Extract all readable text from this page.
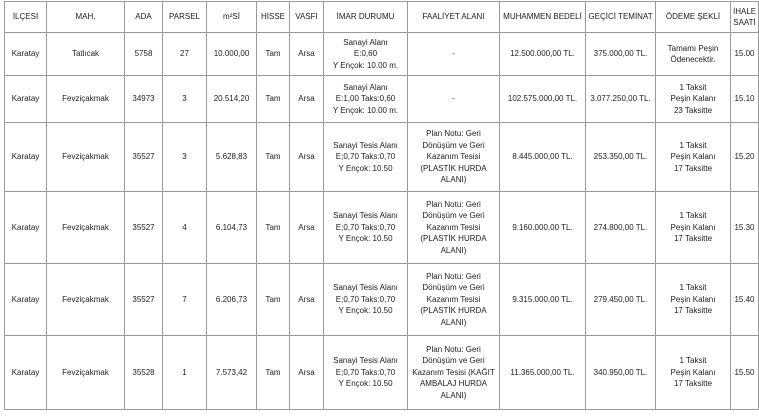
İLÇESİ	MAH.	ADA	PARSEL	m²Sİ	HİSSE	VASFI	İMAR DURUMU	FAALİYET ALANI	MUHAMMEN BEDELİ	GEÇİCİ TEMİNAT	ÖDEME ŞEKLİ	İHALE
SAATİ
Karatay	Tatlıcak	5758	27	10.000,00	Tam	Arsa	Sanayi Alanı
E:0,60
Y Ençok: 10.00 m.	-	12.500.000,00 TL.	375.000,00 TL.	Tamamı Peşin
Ödenecektir.	15.00
Karatay	Fevziçakmak	34973	3	20.514,20	Tam	Arsa	Sanayi Alanı
E:1,00 Taks:0,60
Y Ençok: 10.00 m.	-	102.575.000,00 TL.	3.077.250,00 TL.	1 Taksit
Peşin Kalanı
23 Taksitte	15.10
Karatay	Fevziçakmak	35527	3	5.628,83	Tam	Arsa	Sanayi Tesis Alanı
E;0,70 Taks:0,70
Y Ençok: 10.50	Plan Notu: Geri
Dönüşüm ve Geri
Kazanım Tesisi
(PLASTİK HURDA
ALANI)	8.445.000,00 TL.	253.350,00 TL.	1 Taksit
Peşin Kalanı
17 Taksitte	15.20
Karatay	Fevziçakmak	35527	4	6.104,73	Tam	Arsa	Sanayi Tesis Alanı
E;0,70 Taks:0,70
Y Ençok: 10.50	Plan Notu: Geri
Dönüşüm ve Geri
Kazanım Tesisi
(PLASTİK HURDA
ALANI)	9.160.000,00 TL.	274.800,00 TL.	1 Taksit
Peşin Kalanı
17 Taksitte	15.30
Karatay	Fevziçakmak	35527	7	6.206,73	Tam	Arsa	Sanayi Tesis Alanı
E;0,70 Taks:0,70
Y Ençok: 10.50	Plan Notu: Geri
Dönüşüm ve Geri
Kazanım Tesisi
(PLASTİK HURDA
ALANI)	9.315.000,00 TL.	279.450,00 TL.	1 Taksit
Peşin Kalanı
17 Taksitte	15.40
Karatay	Fevziçakmak	35528	1	7.573,42	Tam	Arsa	Sanayi Tesis Alanı
E;0,70 Taks:0,70
Y Ençok: 10.50	Plan Notu: Geri
Dönüşüm ve Geri
Kazanım Tesisi (KAĞIT
AMBALAJ HURDA
ALANI)	11.365.000,00 TL.	340.950,00 TL.	1 Taksit
Peşin Kalanı
17 Taksitte	15.50
